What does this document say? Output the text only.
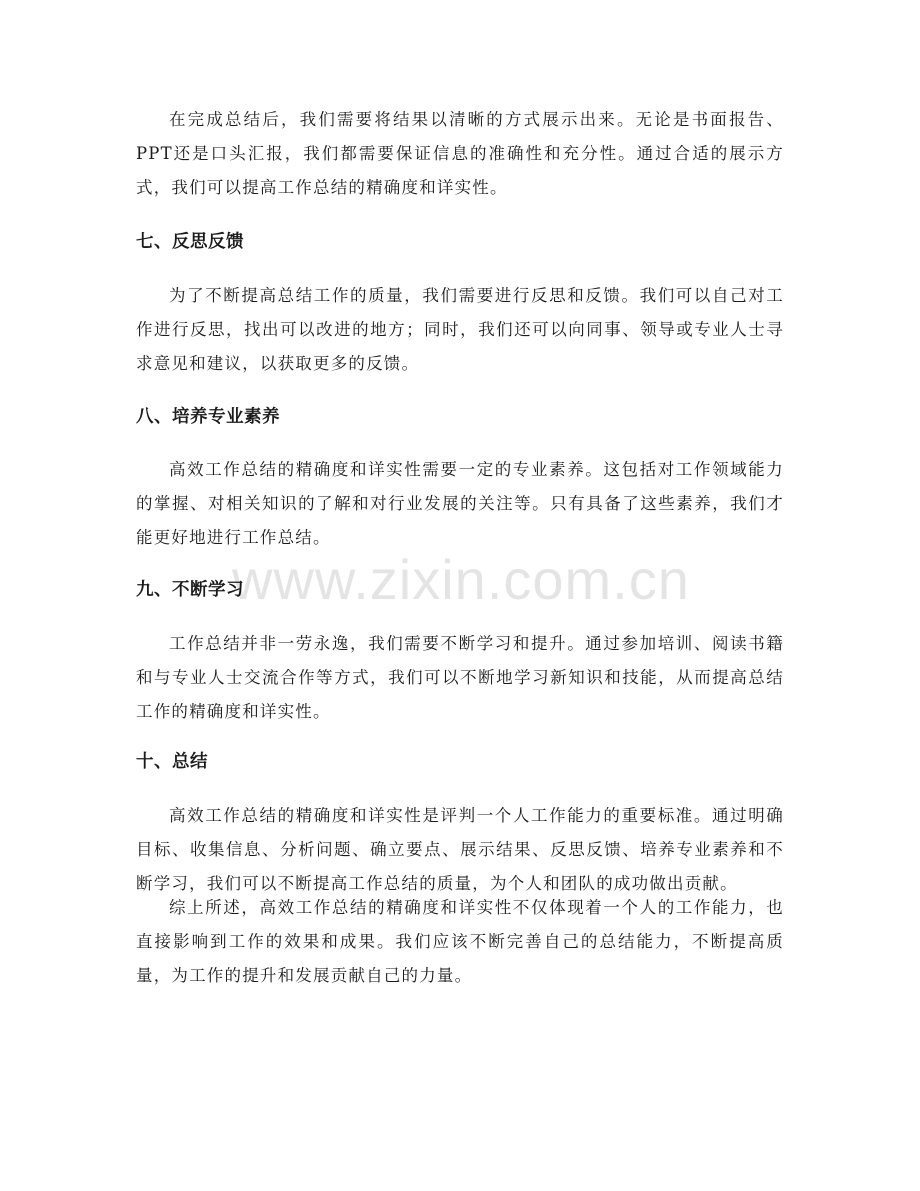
在完成总结后，我们需要将结果以清晰的方式展示出来。无论是书面报告、PPT还是口头汇报，我们都需要保证信息的准确性和充分性。通过合适的展示方式，我们可以提高工作总结的精确度和详实性。

七、反思反馈

为了不断提高总结工作的质量，我们需要进行反思和反馈。我们可以自己对工作进行反思，找出可以改进的地方；同时，我们还可以向同事、领导或专业人士寻求意见和建议，以获取更多的反馈。

八、培养专业素养

高效工作总结的精确度和详实性需要一定的专业素养。这包括对工作领域能力的掌握、对相关知识的了解和对行业发展的关注等。只有具备了这些素养，我们才能更好地进行工作总结。

九、不断学习

工作总结并非一劳永逸，我们需要不断学习和提升。通过参加培训、阅读书籍和与专业人士交流合作等方式，我们可以不断地学习新知识和技能，从而提高总结工作的精确度和详实性。

十、总结

高效工作总结的精确度和详实性是评判一个人工作能力的重要标准。通过明确目标、收集信息、分析问题、确立要点、展示结果、反思反馈、培养专业素养和不断学习，我们可以不断提高工作总结的质量，为个人和团队的成功做出贡献。

综上所述，高效工作总结的精确度和详实性不仅体现着一个人的工作能力，也直接影响到工作的效果和成果。我们应该不断完善自己的总结能力，不断提高质量，为工作的提升和发展贡献自己的力量。

www.zixin.com.cn
